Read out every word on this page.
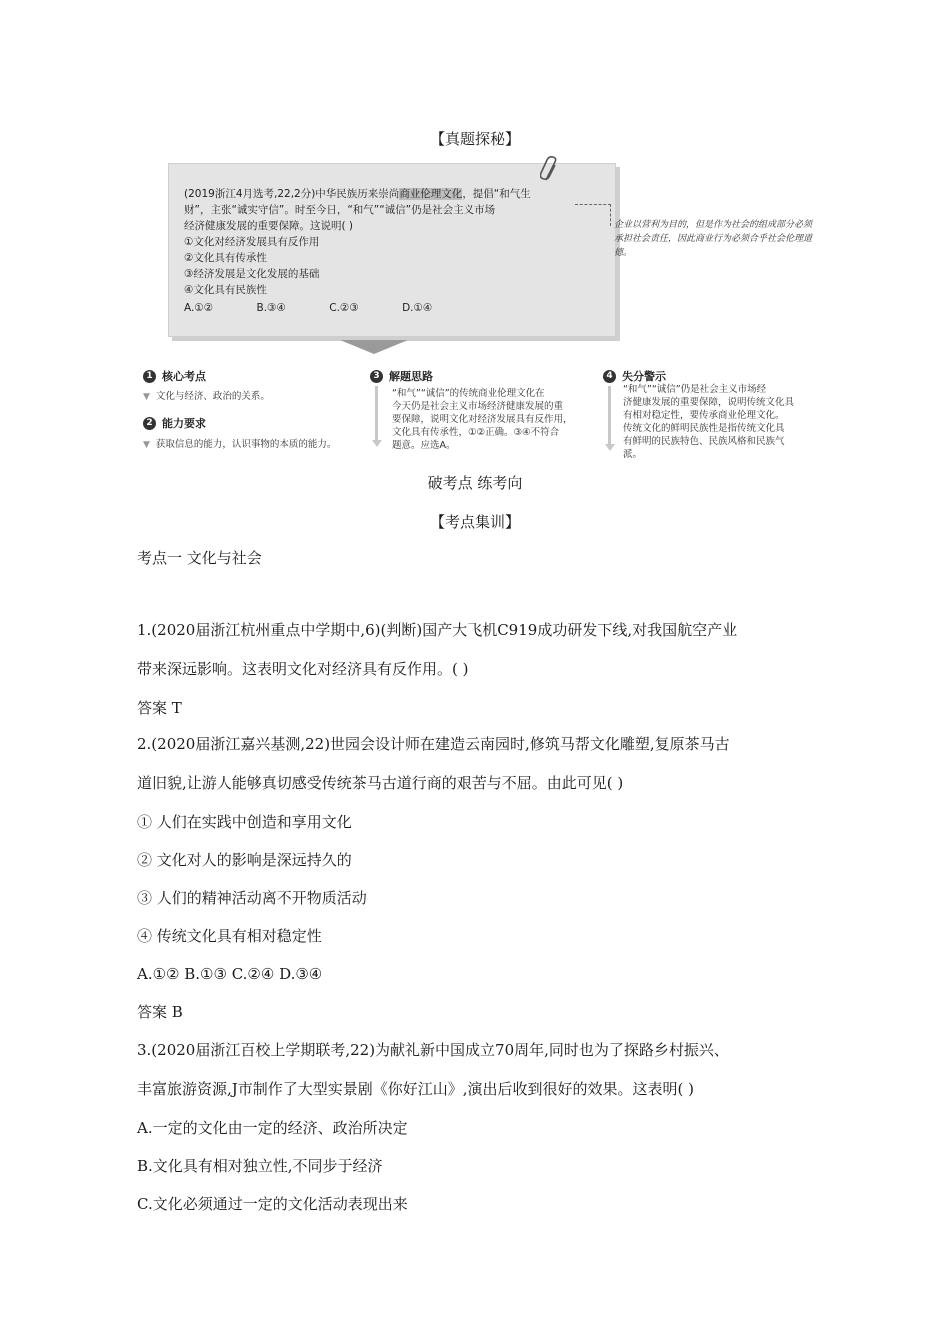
【真题探秘】
(2019浙江4月选考,22,2分)中华民族历来崇尚商业伦理文化，提倡“和气生
财”，主张“诚实守信”。时至今日，“和气”“诚信”仍是社会主义市场
经济健康发展的重要保障。这说明( )
①文化对经济发展具有反作用
②文化具有传承性
③经济发展是文化发展的基础
④文化具有民族性
A.①②	B.③④	C.②③	D.①④
企业以营利为目的，但是作为社会的组成部分必须承担社会责任，因此商业行为必须合乎社会伦理道德。
1 核心考点
▼ 文化与经济、政治的关系。
2 能力要求
▼ 获取信息的能力，认识事物的本质的能力。
3 解题思路
“和气”“诚信”的传统商业伦理文化在
今天仍是社会主义市场经济健康发展的重
要保障，说明文化对经济发展具有反作用，
文化具有传承性，①②正确。③④不符合
题意。应选A。
4 失分警示
“和气”“诚信”仍是社会主义市场经
济健康发展的重要保障，说明传统文化具
有相对稳定性，要传承商业伦理文化。
传统文化的鲜明民族性是指传统文化具
有鲜明的民族特色、民族风格和民族气
派。
破考点 练考向
【考点集训】
考点一 文化与社会
1.(2020届浙江杭州重点中学期中,6)(判断)国产大飞机C919成功研发下线,对我国航空产业
带来深远影响。这表明文化对经济具有反作用。( )
答案 T
2.(2020届浙江嘉兴基测,22)世园会设计师在建造云南园时,修筑马帮文化雕塑,复原茶马古
道旧貌,让游人能够真切感受传统茶马古道行商的艰苦与不屈。由此可见( )
① 人们在实践中创造和享用文化
② 文化对人的影响是深远持久的
③ 人们的精神活动离不开物质活动
④ 传统文化具有相对稳定性
A.①② B.①③ C.②④ D.③④
答案 B
3.(2020届浙江百校上学期联考,22)为献礼新中国成立70周年,同时也为了探路乡村振兴、
丰富旅游资源,J市制作了大型实景剧《你好江山》,演出后收到很好的效果。这表明( )
A.一定的文化由一定的经济、政治所决定
B.文化具有相对独立性,不同步于经济
C.文化必须通过一定的文化活动表现出来
